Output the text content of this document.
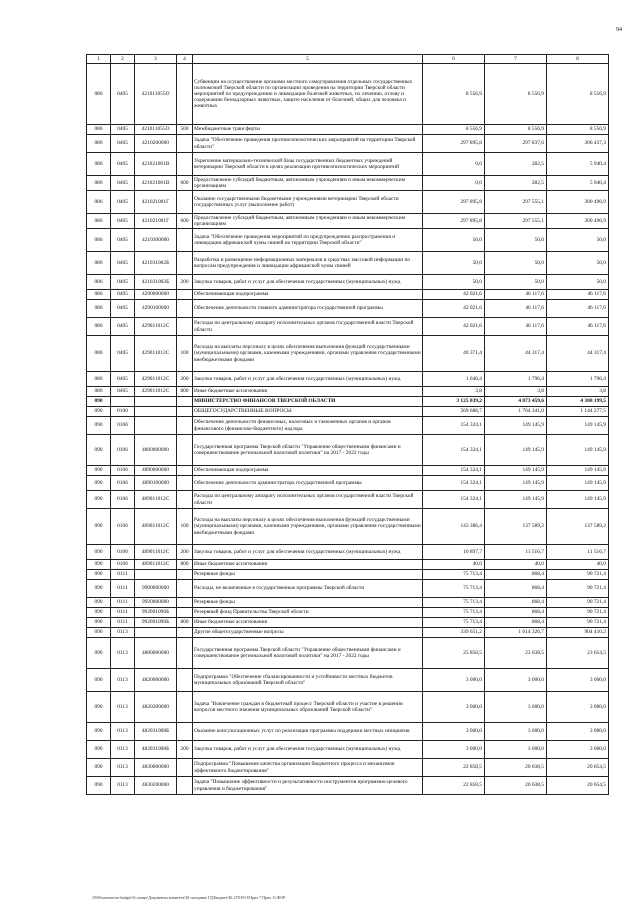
94
1	2	3	4	5	6	7	8
086	0405	421011055О		Субвенции на осуществление органами местного самоуправления отдельных государственных полномочий Тверской области по организации проведения на территории Тверской области мероприятий по предупреждению и ликвидации болезней животных, их лечению, отлову и содержанию безнадзорных животных, защите населения от болезней, общих для человека и животных	8 556,9	8 556,9	8 556,9
086	0405	421011055О	500	Межбюджетные трансферты	8 556,9	8 556,9	8 556,9
086	0405	4210200000		Задача "Обеспечение проведения противоэпизоотических мероприятий на территории Тверской области"	297 895,8	297 837,6	306 437,3
086	0405	421021001В		Укрепление материально-технической базы государственных бюджетных учреждений ветеринарии Тверской области в целях реализации противоэпизоотических мероприятий	0,0	282,5	5 940,4
086	0405	421021001В	600	Предоставление субсидий бюджетным, автономным учреждениям и иным некоммерческим организациям	0,0	282,5	5 940,4
086	0405	421021001Г		Оказание государственными бюджетными учреждениями ветеринарии Тверской области государственных услуг (выполнение работ)	297 895,8	297 555,1	300 496,9
086	0405	421021001Г	600	Предоставление субсидий бюджетным, автономным учреждениям и иным некоммерческим организациям	297 895,8	297 555,1	300 496,9
086	0405	4210300000		Задача "Обеспечение проведения мероприятий по предупреждению распространения и ликвидации африканской чумы свиней на территории Тверской области"	50,0	50,0	50,0
086	0405	421031002Б		Разработка и размещение информационных материалов в средствах массовой информации по вопросам предупреждения и ликвидации африканской чумы свиней	50,0	50,0	50,0
086	0405	421031002Б	200	Закупка товаров, работ и услуг для обеспечения государственных (муниципальных) нужд	50,0	50,0	50,0
086	0405	4290000000		Обеспечивающая подпрограмма	42 021,6	46 117,6	46 117,6
086	0405	4290100000		Обеспечение деятельности главного администратора государственной программы	42 021,6	46 117,6	46 117,6
086	0405	429011012С		Расходы по центральному аппарату исполнительных органов государственной власти Тверской области	42 021,6	46 117,6	46 117,6
086	0405	429011012С	100	Расходы на выплаты персоналу в целях обеспечения выполнения функций государственными (муниципальными) органами, казенными учреждениями, органами управления государственными внебюджетными фондами	40 371,4	44 317,4	44 317,4
086	0405	429011012С	200	Закупка товаров, работ и услуг для обеспечения государственных (муниципальных) нужд	1 646,4	1 796,4	1 796,4
086	0405	429011012С	800	Иные бюджетные ассигнования	3,8	3,8	3,8
090				МИНИСТЕРСТВО ФИНАНСОВ ТВЕРСКОЙ ОБЛАСТИ	3 125 039,2	4 873 459,6	4 308 199,5
090	0100			ОБЩЕГОСУДАРСТВЕННЫЕ ВОПРОСЫ	569 688,7	1 764 341,0	1 144 277,5
090	0106			Обеспечение деятельности финансовых, налоговых и таможенных органов и органов финансового (финансово-бюджетного) надзора	154 324,1	149 145,9	149 145,9
090	0106	4800000000		Государственная программа Тверской области "Управление общественными финансами и совершенствование региональной налоговой политики" на 2017 - 2022 годы	154 324,1	149 145,9	149 145,9
090	0106	4890000000		Обеспечивающая подпрограмма	154 324,1	149 145,9	149 145,9
090	0106	4890100000		Обеспечение деятельности администратора государственной программы	154 324,1	149 145,9	149 145,9
090	0106	489011012С		Расходы по центральному аппарату исполнительных органов государственной власти Тверской области	154 324,1	149 145,9	149 145,9
090	0106	489011012С	100	Расходы на выплаты персоналу в целях обеспечения выполнения функций государственными (муниципальными) органами, казенными учреждениями, органами управления государственными внебюджетными фондами	143 386,4	137 589,2	137 589,2
090	0106	489011012С	200	Закупка товаров, работ и услуг для обеспечения государственных (муниципальных) нужд	10 897,7	11 516,7	11 516,7
090	0106	489011012С	800	Иные бюджетные ассигнования	40,0	40,0	40,0
090	0111			Резервные фонды	75 713,4	868,4	90 721,4
090	0111	9900000000		Расходы, не включенные в государственные программы Тверской области	75 713,4	868,4	90 721,4
090	0111	9920000000		Резервные фонды	75 713,4	868,4	90 721,4
090	0111	992001090Б		Резервный фонд Правительства Тверской области	75 713,4	868,4	90 721,4
090	0111	992001090Б	800	Иные бюджетные ассигнования	75 713,4	868,4	90 721,4
090	0113			Другие общегосударственные вопросы	339 651,2	1 614 326,7	904 410,2
090	0113	4800000000		Государственная программа Тверской области "Управление общественными финансами и совершенствование региональной налоговой политики" на 2017 - 2022 годы	25 858,5	23 638,5	23 654,5
090	0113	4820000000		Подпрограмма "Обеспечение сбалансированности и устойчивости местных бюджетов муниципальных образований Тверской области"	3 000,0	3 000,0	3 000,0
090	0113	4820300000		Задача "Вовлечение граждан в бюджетный процесс Тверской области и участие в решении вопросов местного значения муниципальных образований Тверской области"	3 000,0	3 000,0	3 000,0
090	0113	482031008Б		Оказание консультационных услуг по реализации программы поддержки местных инициатив	3 000,0	3 000,0	3 000,0
090	0113	482031008Б	200	Закупка товаров, работ и услуг для обеспечения государственных (муниципальных) нужд	3 000,0	3 000,0	3 000,0
090	0113	4830000000		Подпрограмма "Повышение качества организации бюджетного процесса и механизмов эффективного бюджетирования"	22 858,5	20 638,5	20 654,5
090	0113	4830200000		Задача "Повышение эффективности и результативности инструментов программно-целевого управления и бюджетирования"	22 858,5	20 638,5	20 654,5
\\F60\rawmnt-no-budget\\6 самые\Документы комитета\38 заседание ГД\Бюджет\ЗБ 278-П-О\Прил 7 Прил 11.ФОР
